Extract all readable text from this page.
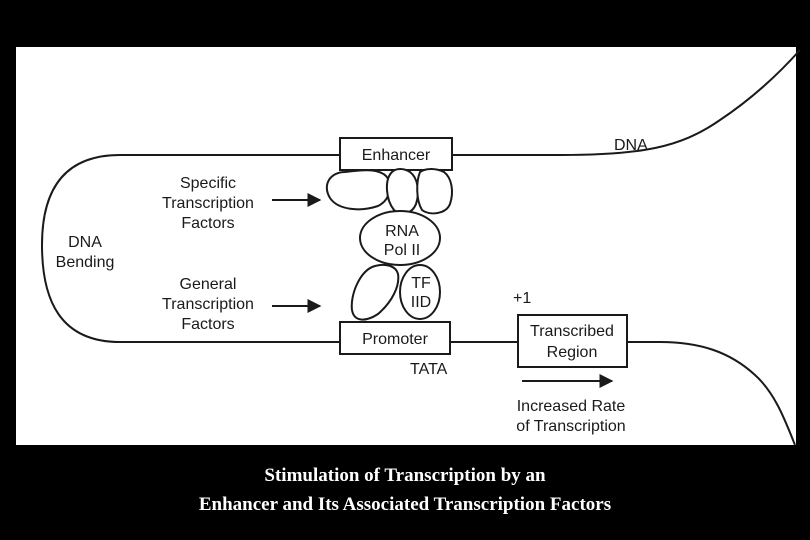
Enhancer
Promoter	Transcribed
Region
RNA
Pol II
TF
IID
DNA
Specific
Transcription
Factors
DNA
Bending
General
Transcription
Factors
+1
TATA
Increased Rate
of Transcription
Stimulation of Transcription by an
Enhancer and Its Associated Transcription Factors
